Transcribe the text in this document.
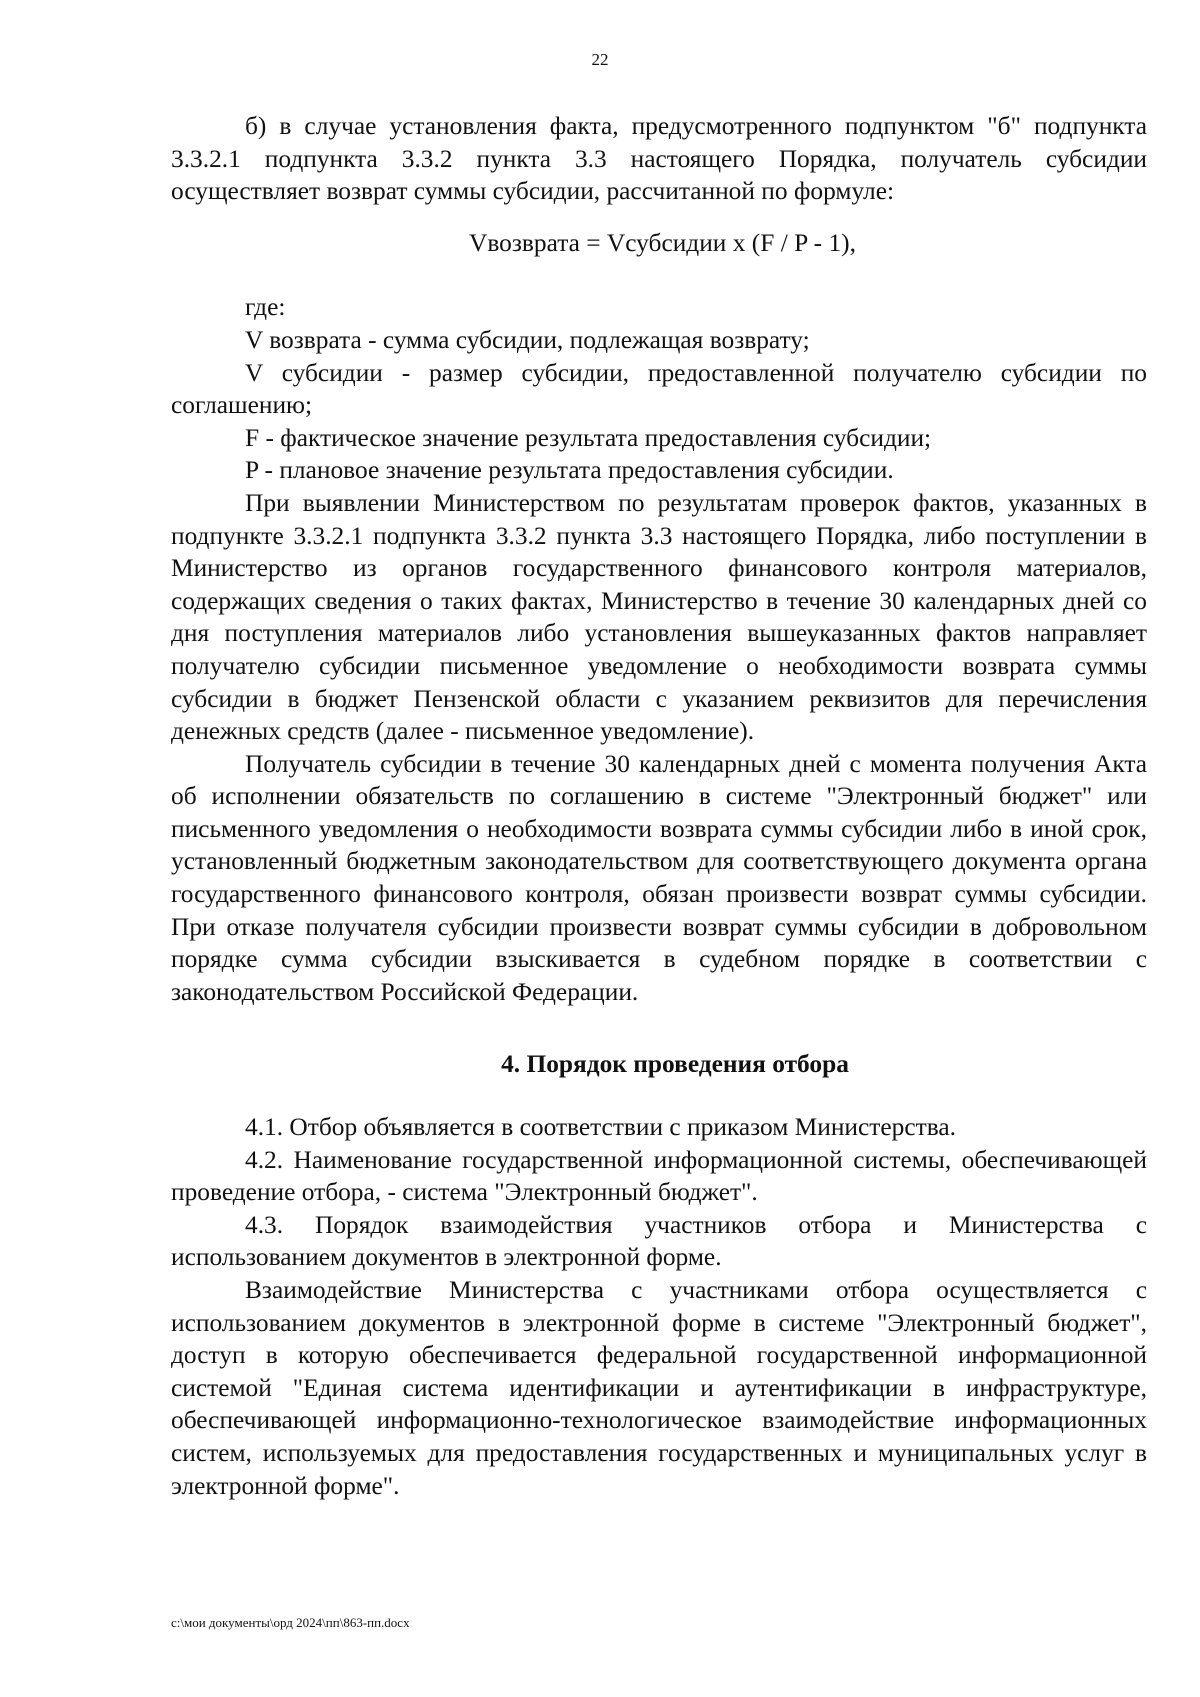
22

б) в случае установления факта, предусмотренного подпунктом "б" подпункта 3.3.2.1 подпункта 3.3.2 пункта 3.3 настоящего Порядка, получатель субсидии осуществляет возврат суммы субсидии, рассчитанной по формуле:

Vвозврата = Vсубсидии х (F / P - 1),

где:

V возврата - сумма субсидии, подлежащая возврату;

V субсидии - размер субсидии, предоставленной получателю субсидии по соглашению;

F - фактическое значение результата предоставления субсидии;

P - плановое значение результата предоставления субсидии.

При выявлении Министерством по результатам проверок фактов, указанных в подпункте 3.3.2.1 подпункта 3.3.2 пункта 3.3 настоящего Порядка, либо поступлении в Министерство из органов государственного финансового контроля материалов, содержащих сведения о таких фактах, Министерство в течение 30 календарных дней со дня поступления материалов либо установления вышеуказанных фактов направляет получателю субсидии письменное уведомление о необходимости возврата суммы субсидии в бюджет Пензенской области с указанием реквизитов для перечисления денежных средств (далее - письменное уведомление).

Получатель субсидии в течение 30 календарных дней с момента получения Акта об исполнении обязательств по соглашению в системе "Электронный бюджет" или письменного уведомления о необходимости возврата суммы субсидии либо в иной срок, установленный бюджетным законодательством для соответствующего документа органа государственного финансового контроля, обязан произвести возврат суммы субсидии. При отказе получателя субсидии произвести возврат суммы субсидии в добровольном порядке сумма субсидии взыскивается в судебном порядке в соответствии с законодательством Российской Федерации.

4. Порядок проведения отбора

4.1. Отбор объявляется в соответствии с приказом Министерства.

4.2. Наименование государственной информационной системы, обеспечивающей проведение отбора, - система "Электронный бюджет".

4.3. Порядок взаимодействия участников отбора и Министерства с использованием документов в электронной форме.

Взаимодействие Министерства с участниками отбора осуществляется с использованием документов в электронной форме в системе "Электронный бюджет", доступ в которую обеспечивается федеральной государственной информационной системой "Единая система идентификации и аутентификации в инфраструктуре, обеспечивающей информационно-технологическое взаимодействие информационных систем, используемых для предоставления государственных и муниципальных услуг в электронной форме".

c:\мои документы\орд 2024\пп\863-пп.docx
